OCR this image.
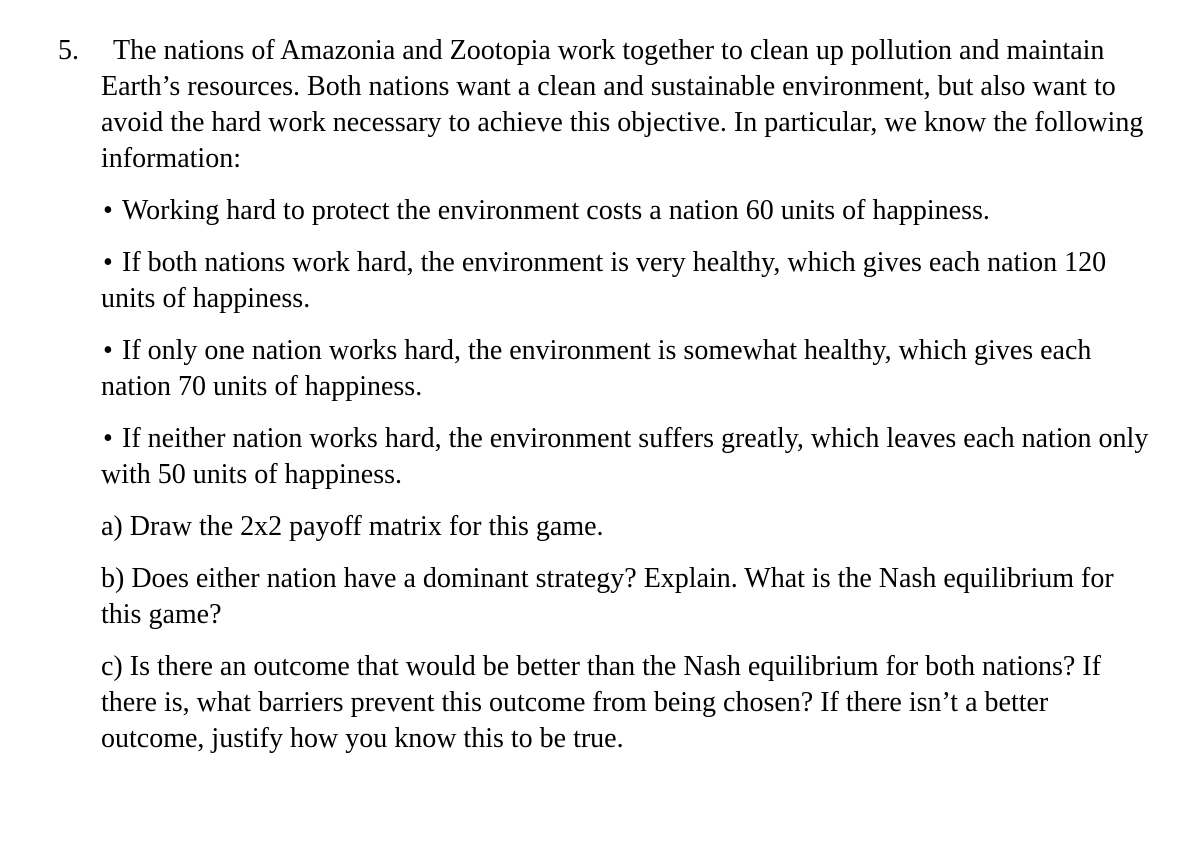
5.	The nations of Amazonia and Zootopia work together to clean up pollution and maintain Earth’s resources. Both nations want a clean and sustainable environment, but also want to avoid the hard work necessary to achieve this objective. In particular, we know the following information:

• Working hard to protect the environment costs a nation 60 units of happiness.
• If both nations work hard, the environment is very healthy, which gives each nation 120 units of happiness.
• If only one nation works hard, the environment is somewhat healthy, which gives each nation 70 units of happiness.
• If neither nation works hard, the environment suffers greatly, which leaves each nation only with 50 units of happiness.
a) Draw the 2x2 payoff matrix for this game.
b) Does either nation have a dominant strategy? Explain. What is the Nash equilibrium for this game?
c) Is there an outcome that would be better than the Nash equilibrium for both nations? If there is, what barriers prevent this outcome from being chosen? If there isn’t a better outcome, justify how you know this to be true.
